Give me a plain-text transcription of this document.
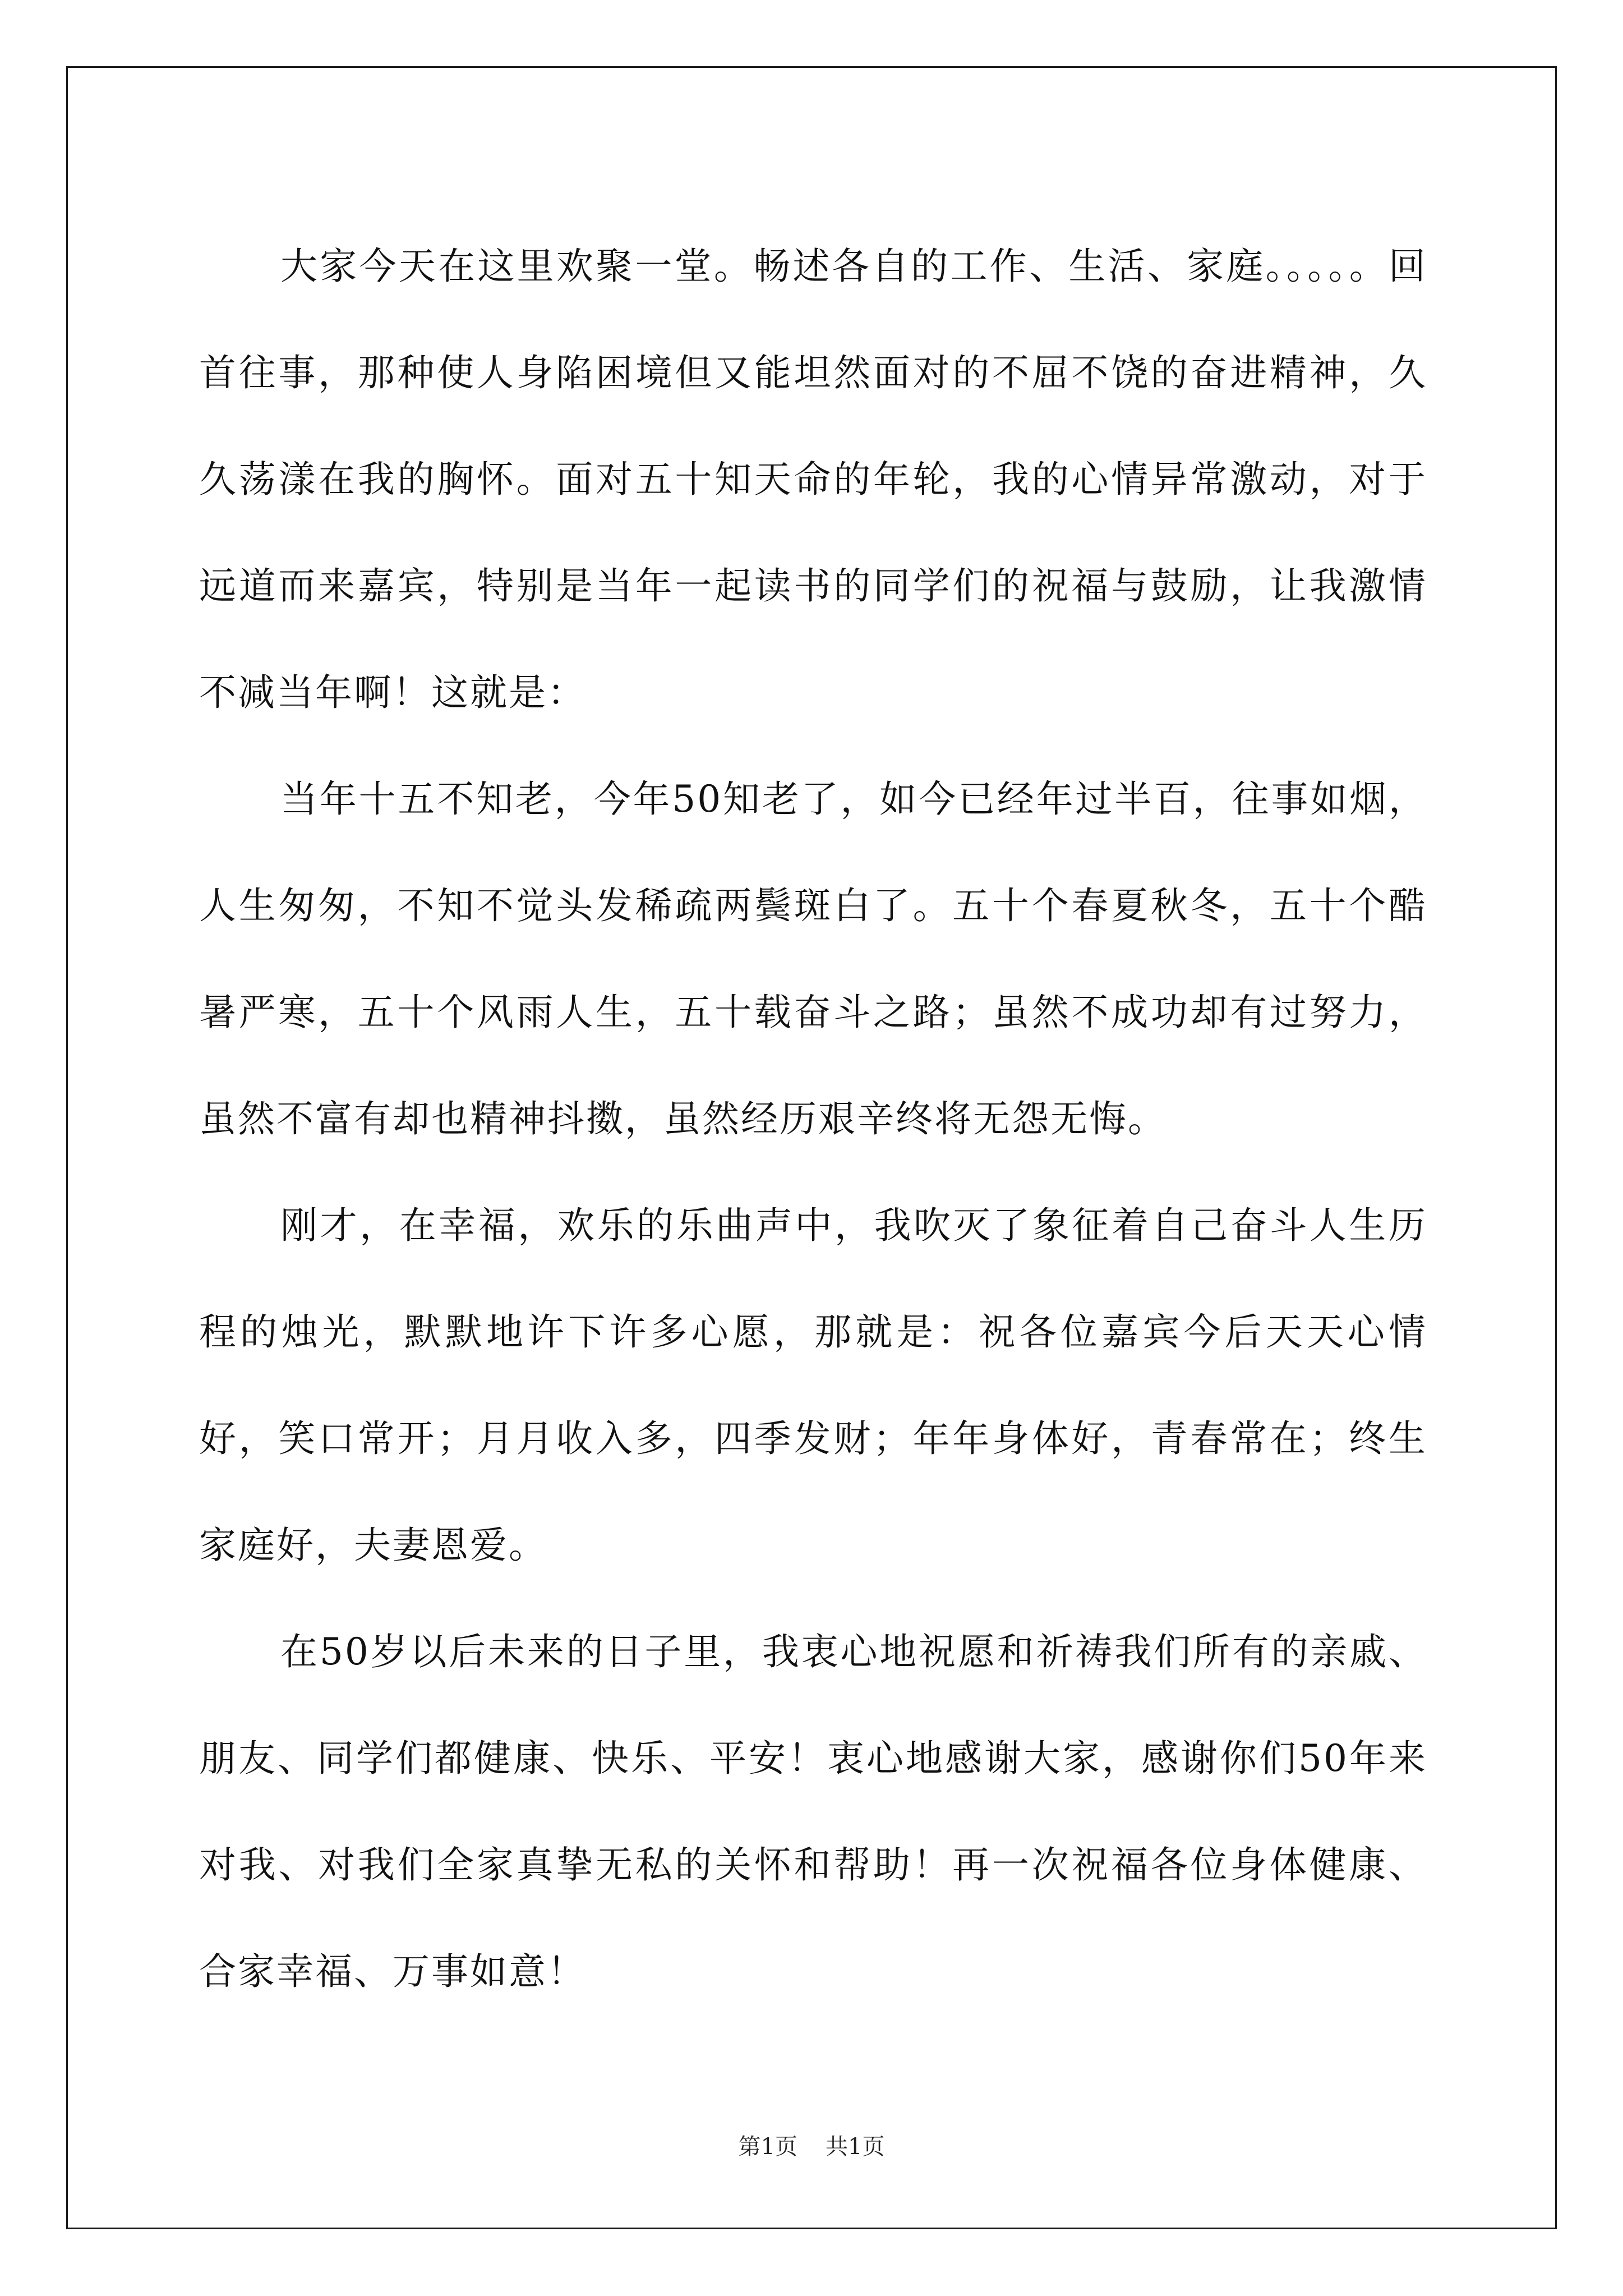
大家今天在这里欢聚一堂。畅述各自的工作、生活、家庭。。。。。回首往事，那种使人身陷困境但又能坦然面对的不屈不饶的奋进精神，久久荡漾在我的胸怀。面对五十知天命的年轮，我的心情异常激动，对于远道而来嘉宾，特别是当年一起读书的同学们的祝福与鼓励，让我激情不减当年啊！这就是：

当年十五不知老，今年50知老了，如今已经年过半百，往事如烟，人生匆匆，不知不觉头发稀疏两鬓斑白了。五十个春夏秋冬，五十个酷暑严寒，五十个风雨人生，五十载奋斗之路；虽然不成功却有过努力，虽然不富有却也精神抖擞，虽然经历艰辛终将无怨无悔。

刚才，在幸福，欢乐的乐曲声中，我吹灭了象征着自己奋斗人生历程的烛光，默默地许下许多心愿，那就是：祝各位嘉宾今后天天心情好，笑口常开；月月收入多，四季发财；年年身体好，青春常在；终生家庭好，夫妻恩爱。

在50岁以后未来的日子里，我衷心地祝愿和祈祷我们所有的亲戚、朋友、同学们都健康、快乐、平安！衷心地感谢大家，感谢你们50年来对我、对我们全家真挚无私的关怀和帮助！再一次祝福各位身体健康、合家幸福、万事如意！

第1页 共1页
